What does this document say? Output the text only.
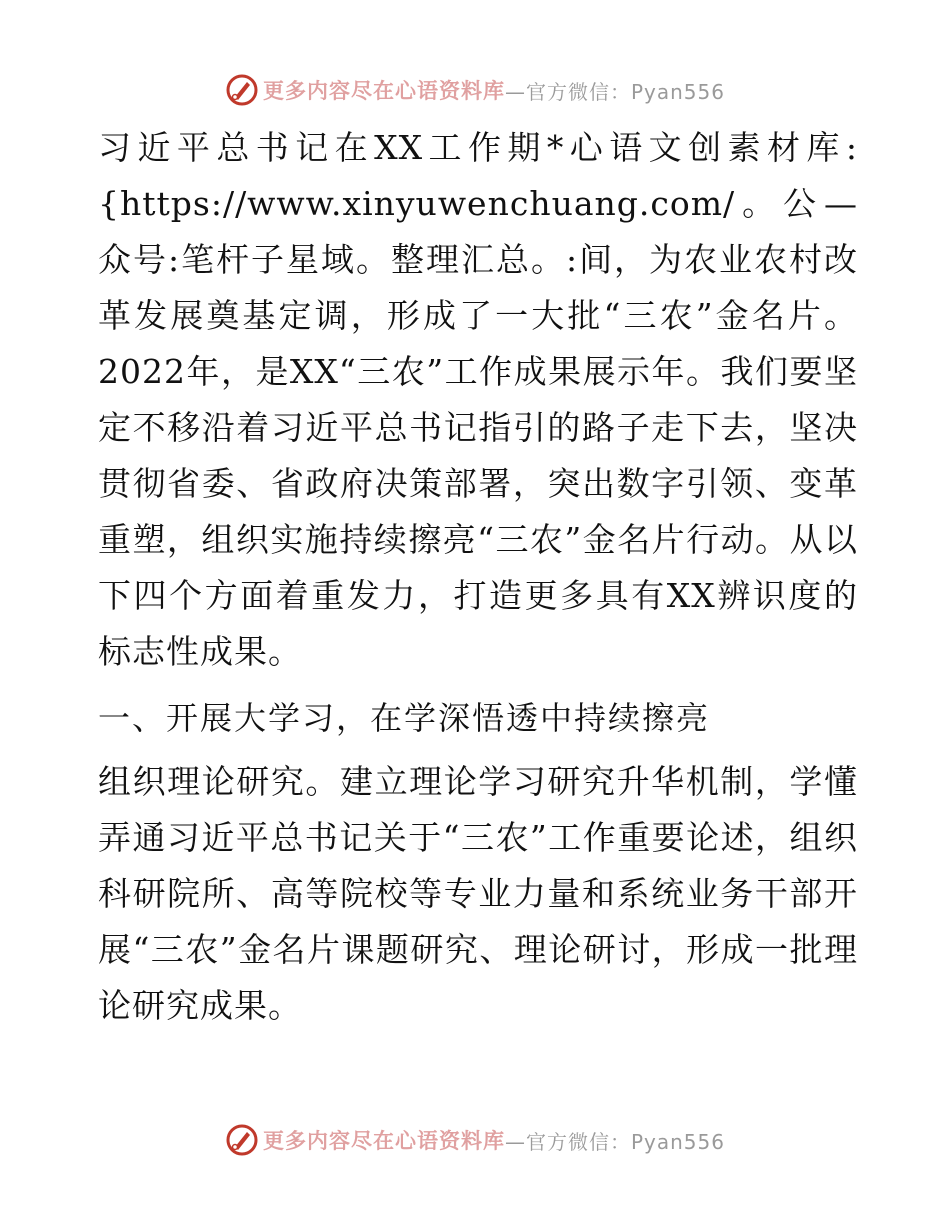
更多内容尽在心语资料库 —官方微信：Pyan556

习近平总书记在XX工作期*心语文创素材库:{https://www.xinyuwenchuang.com/。公—众号:笔杆子星域。整理汇总。:间，为农业农村改革发展奠基定调，形成了一大批“三农”金名片。2022年，是XX“三农”工作成果展示年。我们要坚定不移沿着习近平总书记指引的路子走下去，坚决贯彻省委、省政府决策部署，突出数字引领、变革重塑，组织实施持续擦亮“三农”金名片行动。从以下四个方面着重发力，打造更多具有XX辨识度的标志性成果。

一、开展大学习，在学深悟透中持续擦亮

组织理论研究。建立理论学习研究升华机制，学懂弄通习近平总书记关于“三农”工作重要论述，组织科研院所、高等院校等专业力量和系统业务干部开展“三农”金名片课题研究、理论研讨，形成一批理论研究成果。

更多内容尽在心语资料库 —官方微信：Pyan556
